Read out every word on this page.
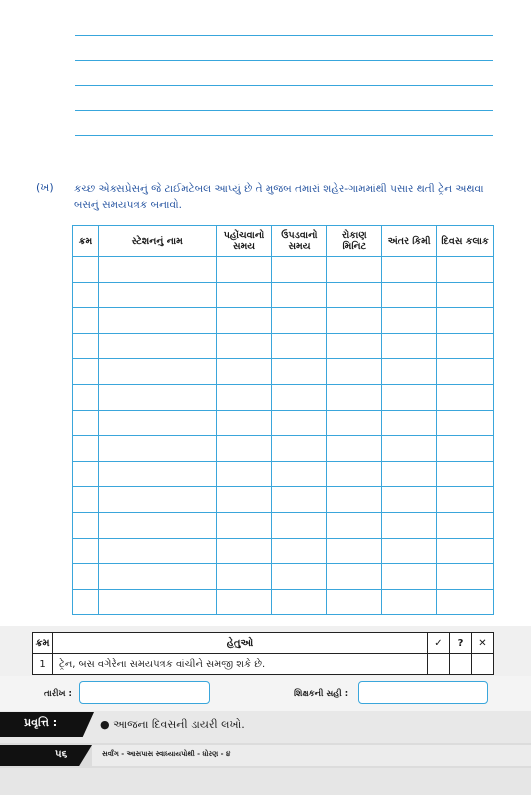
(ખ) કચ્છ એક્સપ્રેસનું જે ટાઈમટેબલ આપ્યું છે તે મુજબ તમારાં શહેર-ગામમાંથી પસાર થતી ટ્રેન અથવા બસનું સમયપત્રક બનાવો.
ક્રમ	સ્ટેશનનું નામ	પહોંચવાનો સમય	ઉપડવાનો સમય	રોકાણ મિનિટ	અંતર કિમી	દિવસ કલાક

ક્રમ	હેતુઓ	✓	?	✕
1	ટ્રેન, બસ વગેરેના સમયપત્રક વાંચીને સમજી શકે છે.			
તારીખ :	શિક્ષકની સહી :
પ્રવૃત્તિ :	● આજના દિવસની ડાયરી લખો.
૫૬	સર્વાંગ - આસપાસ સ્વાધ્યાયપોથી - ધોરણ - ૪
